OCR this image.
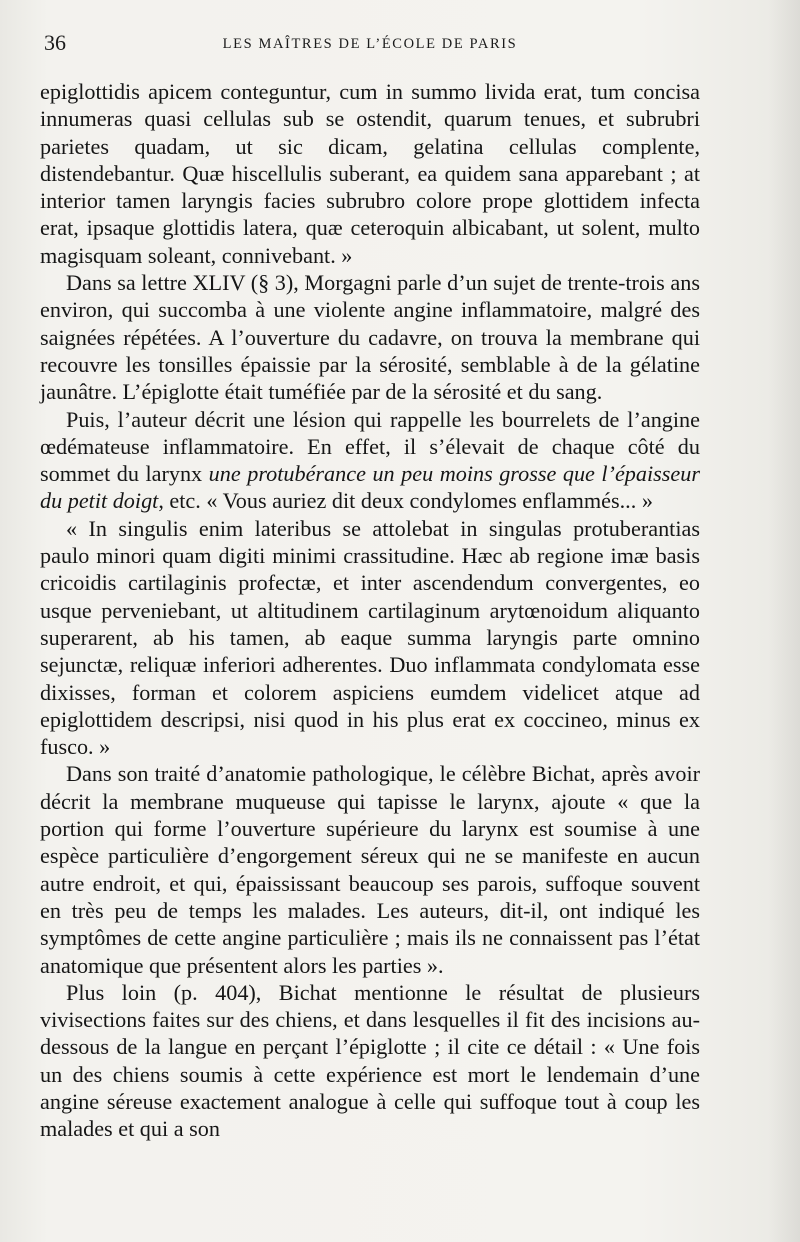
36	LES MAÎTRES DE L’ÉCOLE DE PARIS

epiglottidis apicem conteguntur, cum in summo livida erat, tum concisa innumeras quasi cellulas sub se ostendit, quarum tenues, et subrubri parietes quadam, ut sic dicam, gelatina cellulas complente, distendebantur. Quæ hiscellulis suberant, ea quidem sana apparebant ; at interior tamen laryngis facies subrubro colore prope glottidem infecta erat, ipsaque glottidis latera, quæ ceteroquin albicabant, ut solent, multo magisquam soleant, connivebant. »

Dans sa lettre XLIV (§ 3), Morgagni parle d’un sujet de trente-trois ans environ, qui succomba à une violente angine inflammatoire, malgré des saignées répétées. A l’ouverture du cadavre, on trouva la membrane qui recouvre les tonsilles épaissie par la sérosité, semblable à de la gélatine jaunâtre. L’épiglotte était tuméfiée par de la sérosité et du sang.

Puis, l’auteur décrit une lésion qui rappelle les bourrelets de l’angine œdémateuse inflammatoire. En effet, il s’élevait de chaque côté du sommet du larynx une protubérance un peu moins grosse que l’épaisseur du petit doigt, etc. « Vous auriez dit deux condylomes enflammés... »

« In singulis enim lateribus se attolebat in singulas protuberantias paulo minori quam digiti minimi crassitudine. Hæc ab regione imæ basis cricoidis cartilaginis profectæ, et inter ascendendum convergentes, eo usque perveniebant, ut altitudinem cartilaginum arytœnoidum aliquanto superarent, ab his tamen, ab eaque summa laryngis parte omnino sejunctæ, reliquæ inferiori adherentes. Duo inflammata condylomata esse dixisses, forman et colorem aspiciens eumdem videlicet atque ad epiglottidem descripsi, nisi quod in his plus erat ex coccineo, minus ex fusco. »

Dans son traité d’anatomie pathologique, le célèbre Bichat, après avoir décrit la membrane muqueuse qui tapisse le larynx, ajoute « que la portion qui forme l’ouverture supérieure du larynx est soumise à une espèce particulière d’engorgement séreux qui ne se manifeste en aucun autre endroit, et qui, épaississant beaucoup ses parois, suffoque souvent en très peu de temps les malades. Les auteurs, dit-il, ont indiqué les symptômes de cette angine particulière ; mais ils ne connaissent pas l’état anatomique que présentent alors les parties ».

Plus loin (p. 404), Bichat mentionne le résultat de plusieurs vivisections faites sur des chiens, et dans lesquelles il fit des incisions au-dessous de la langue en perçant l’épiglotte ; il cite ce détail : « Une fois un des chiens soumis à cette expérience est mort le lendemain d’une angine séreuse exactement analogue à celle qui suffoque tout à coup les malades et qui a son
